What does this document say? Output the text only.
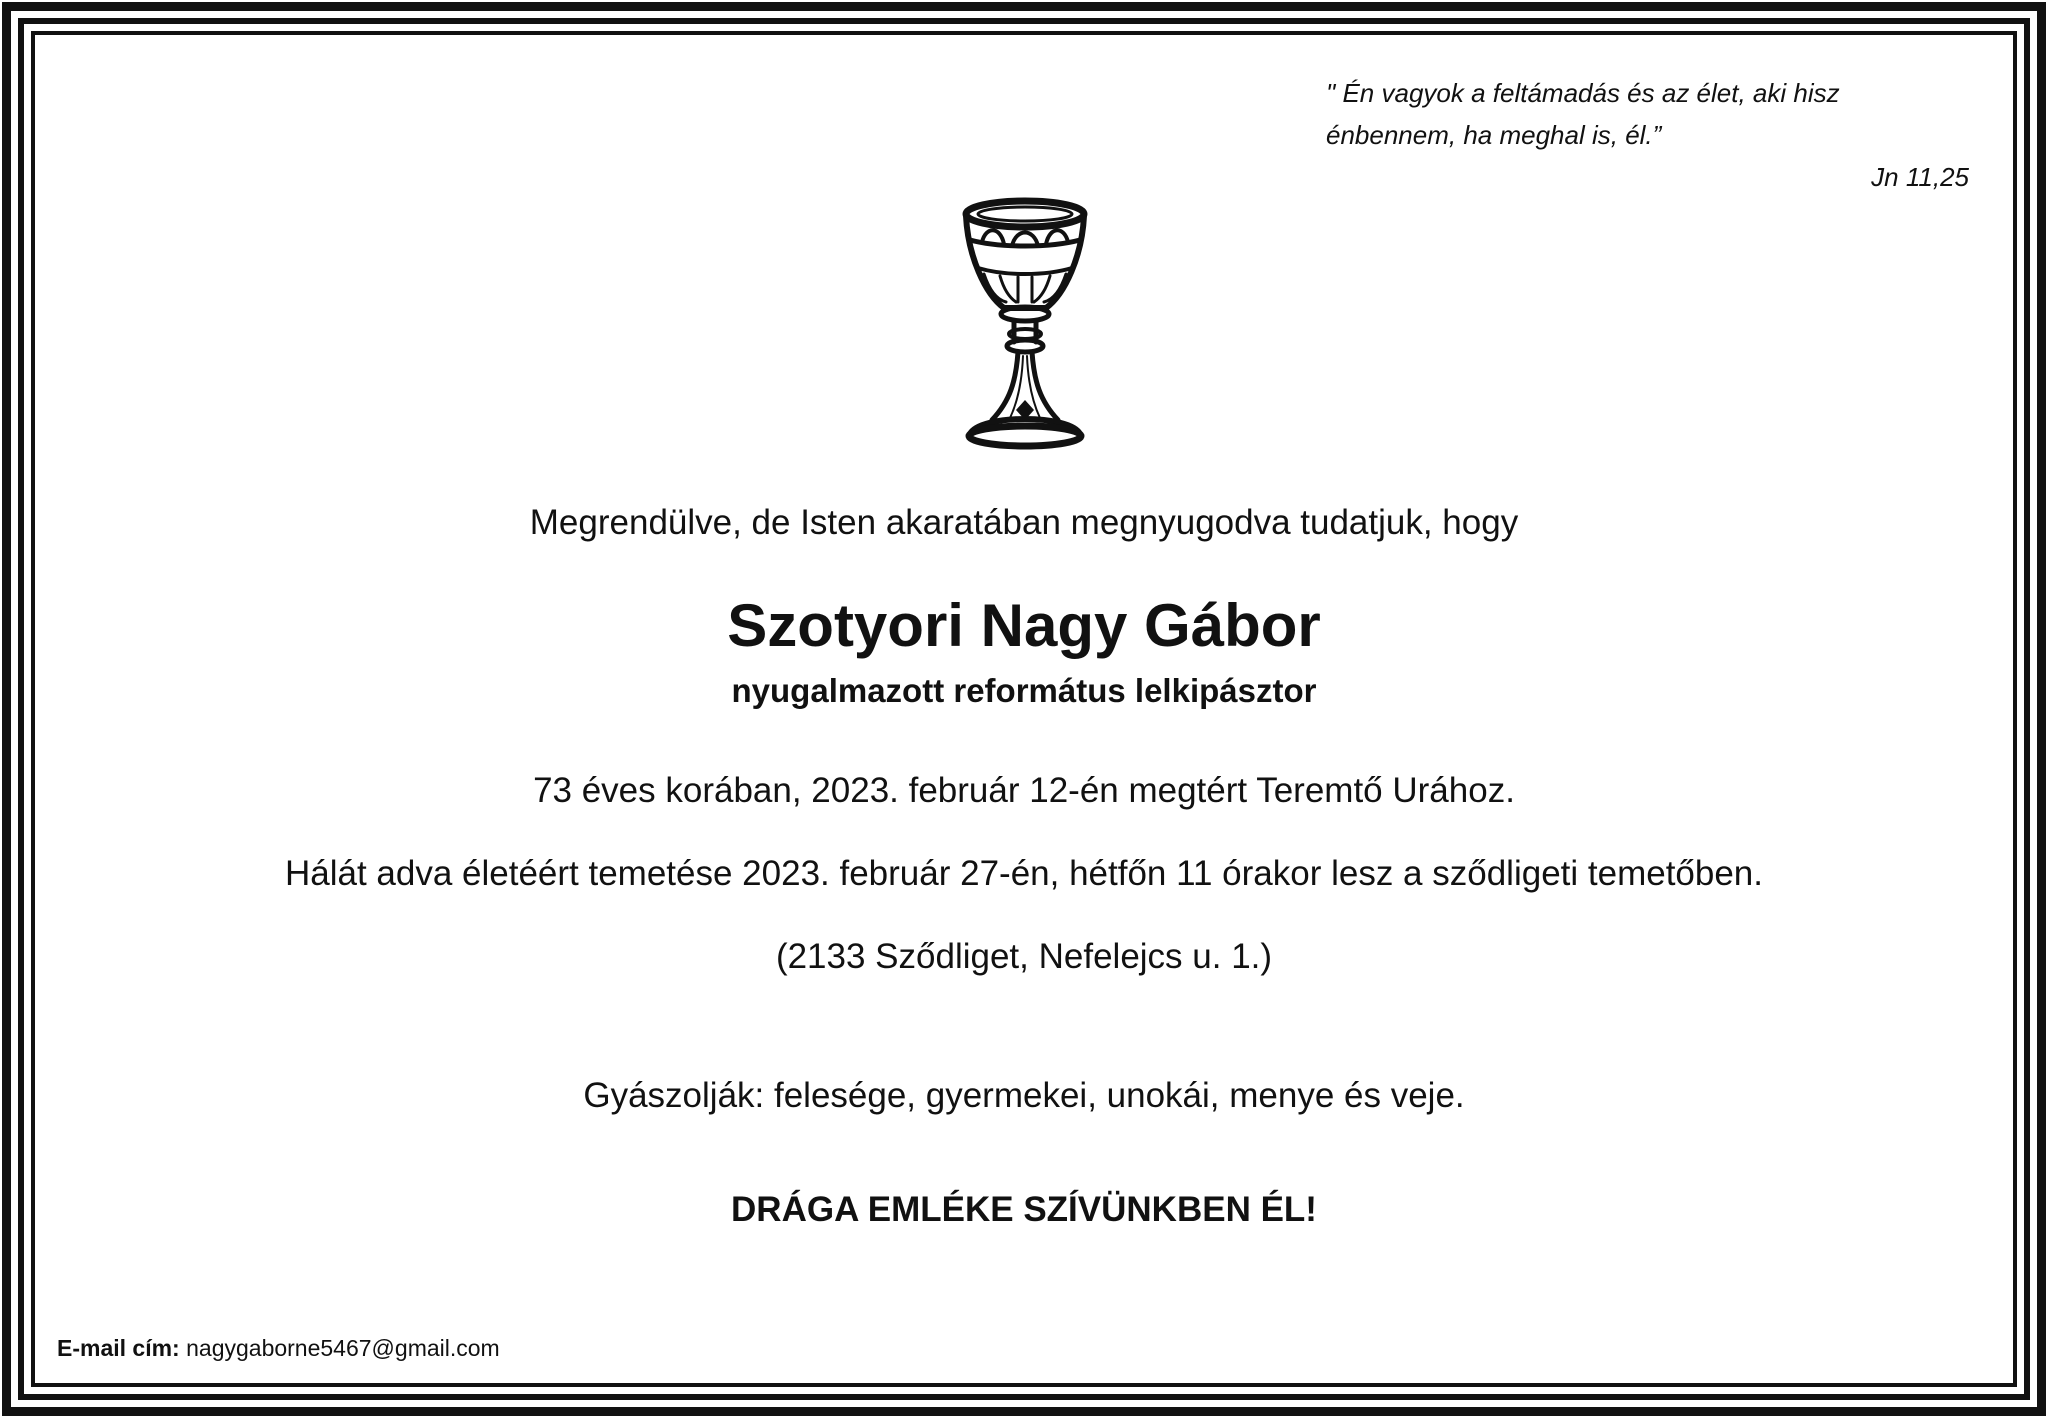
" Én vagyok a feltámadás és az élet, aki hisz
énbennem, ha meghal is, él.”
Jn 11,25
Megrendülve, de Isten akaratában megnyugodva tudatjuk, hogy
Szotyori Nagy Gábor
nyugalmazott református lelkipásztor
73 éves korában, 2023. február 12-én megtért Teremtő Urához.
Hálát adva életéért temetése 2023. február 27-én, hétfőn 11 órakor lesz a sződligeti temetőben.
(2133 Sződliget, Nefelejcs u. 1.)
Gyászolják: felesége, gyermekei, unokái, menye és veje.
DRÁGA EMLÉKE SZÍVÜNKBEN ÉL!
E-mail cím: nagygaborne5467@gmail.com
